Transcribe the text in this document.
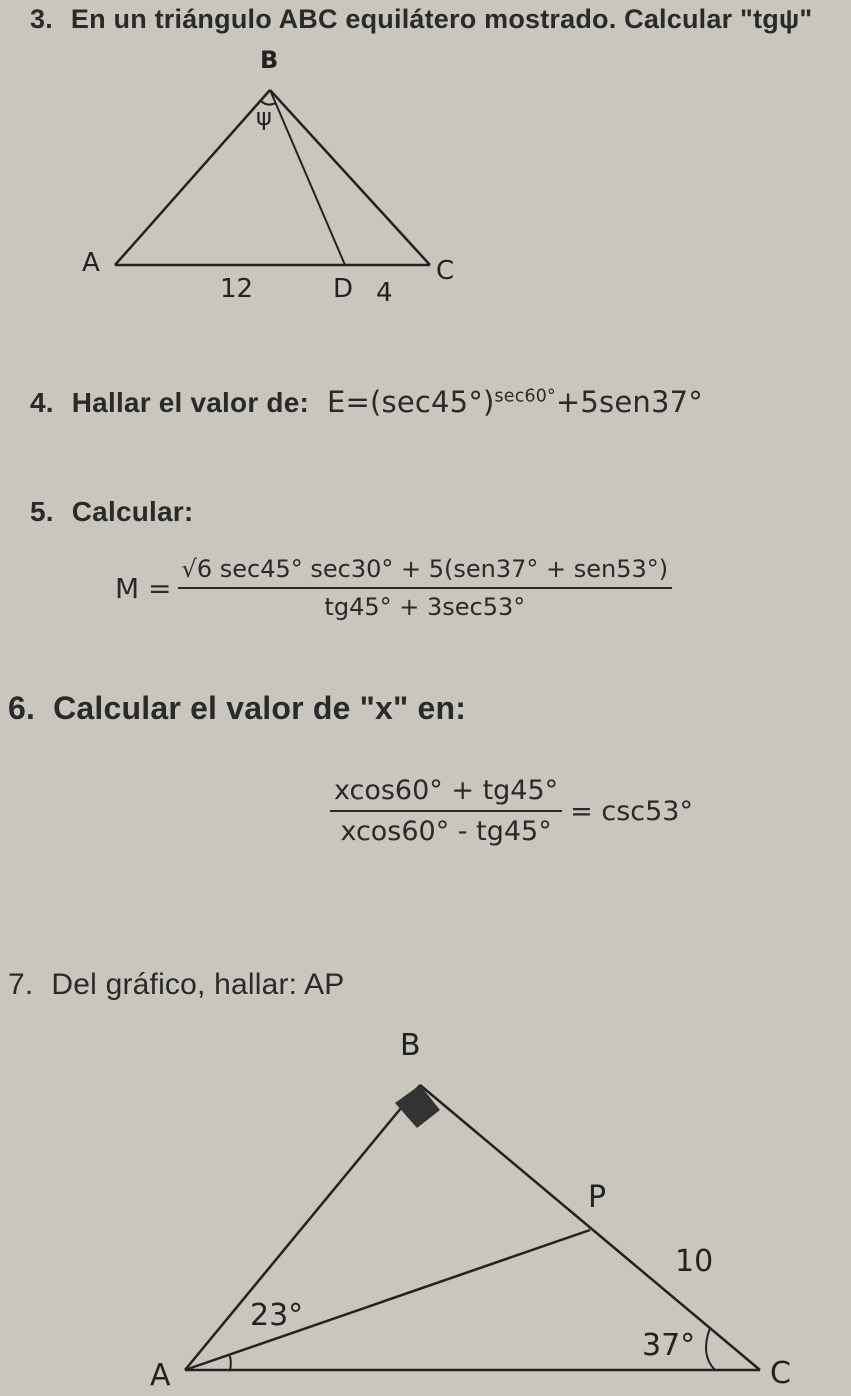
3. En un triángulo ABC equilátero mostrado. Calcular "tgψ"
B
ψ
A	C
D
12	4
4. Hallar el valor de: $E=(\sec 45^\circ)^{sec60^\circ}+5sen37^\circ$
5. Calcular:
$M = \frac{\text{√6 sec45° sec30° + 5(sen37° + sen53°)}}{tg45^\circ + 3\sec 53^\circ}$
6. Calcular el valor de "x" en:
$\frac{xcos60^\circ + tg45^\circ}{xcos60^\circ - tg45^\circ} = \csc 53^\circ$
7. Del gráfico, hallar: AP
B
P
A	C
10
23°
37°
